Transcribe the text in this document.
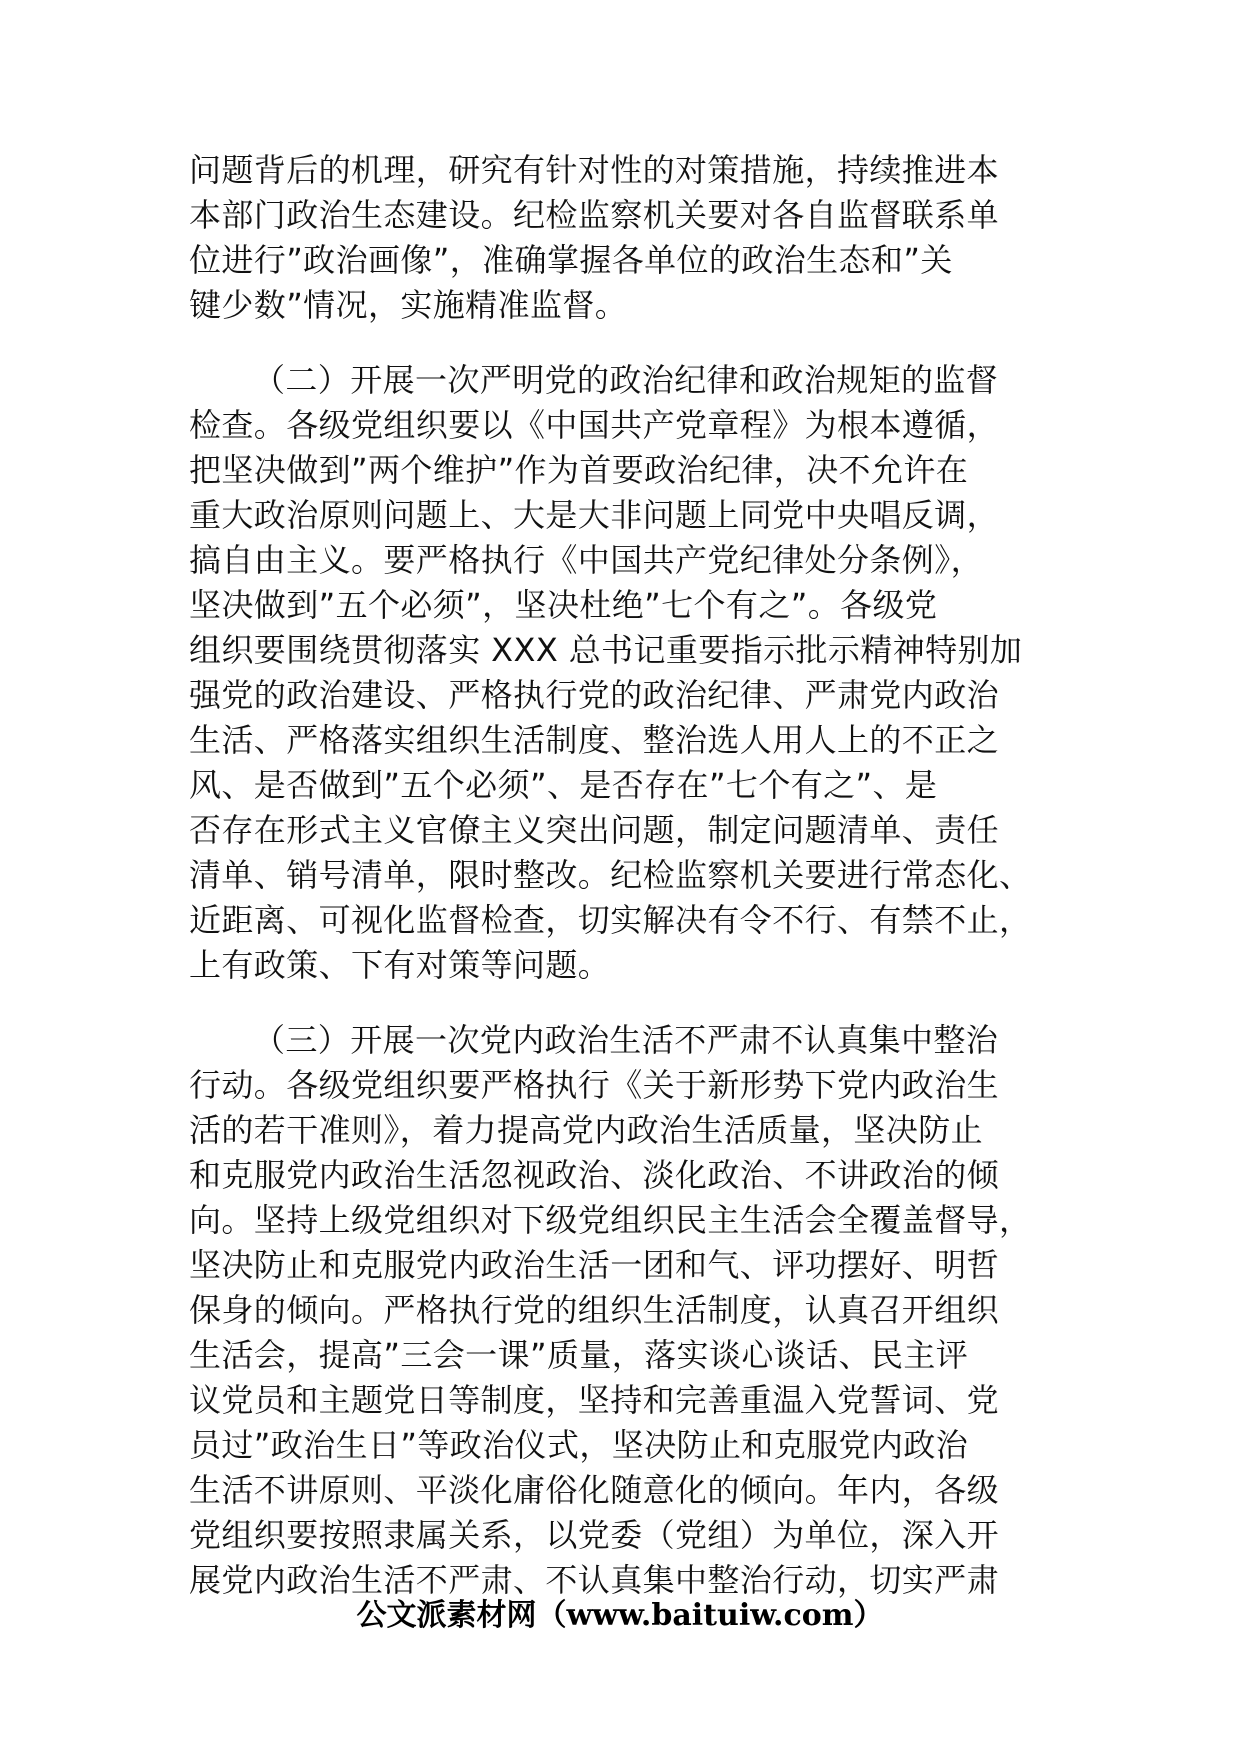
问题背后的机理，研究有针对性的对策措施，持续推进本
本部门政治生态建设。纪检监察机关要对各自监督联系单
位进行”政治画像”，准确掌握各单位的政治生态和”关
键少数”情况，实施精准监督。
（二）开展一次严明党的政治纪律和政治规矩的监督
检查。各级党组织要以《中国共产党章程》为根本遵循，
把坚决做到”两个维护”作为首要政治纪律，决不允许在
重大政治原则问题上、大是大非问题上同党中央唱反调，
搞自由主义。要严格执行《中国共产党纪律处分条例》，
坚决做到”五个必须”，坚决杜绝”七个有之”。各级党
组织要围绕贯彻落实 XXX 总书记重要指示批示精神特别加
强党的政治建设、严格执行党的政治纪律、严肃党内政治
生活、严格落实组织生活制度、整治选人用人上的不正之
风、是否做到”五个必须”、是否存在”七个有之”、是
否存在形式主义官僚主义突出问题，制定问题清单、责任
清单、销号清单，限时整改。纪检监察机关要进行常态化、
近距离、可视化监督检查，切实解决有令不行、有禁不止，
上有政策、下有对策等问题。
（三）开展一次党内政治生活不严肃不认真集中整治
行动。各级党组织要严格执行《关于新形势下党内政治生
活的若干准则》，着力提高党内政治生活质量，坚决防止
和克服党内政治生活忽视政治、淡化政治、不讲政治的倾
向。坚持上级党组织对下级党组织民主生活会全覆盖督导，
坚决防止和克服党内政治生活一团和气、评功摆好、明哲
保身的倾向。严格执行党的组织生活制度，认真召开组织
生活会，提高”三会一课”质量，落实谈心谈话、民主评
议党员和主题党日等制度，坚持和完善重温入党誓词、党
员过”政治生日”等政治仪式，坚决防止和克服党内政治
生活不讲原则、平淡化庸俗化随意化的倾向。年内，各级
党组织要按照隶属关系，以党委（党组）为单位，深入开
展党内政治生活不严肃、不认真集中整治行动，切实严肃
公文派素材网（www.baituiw.com）
